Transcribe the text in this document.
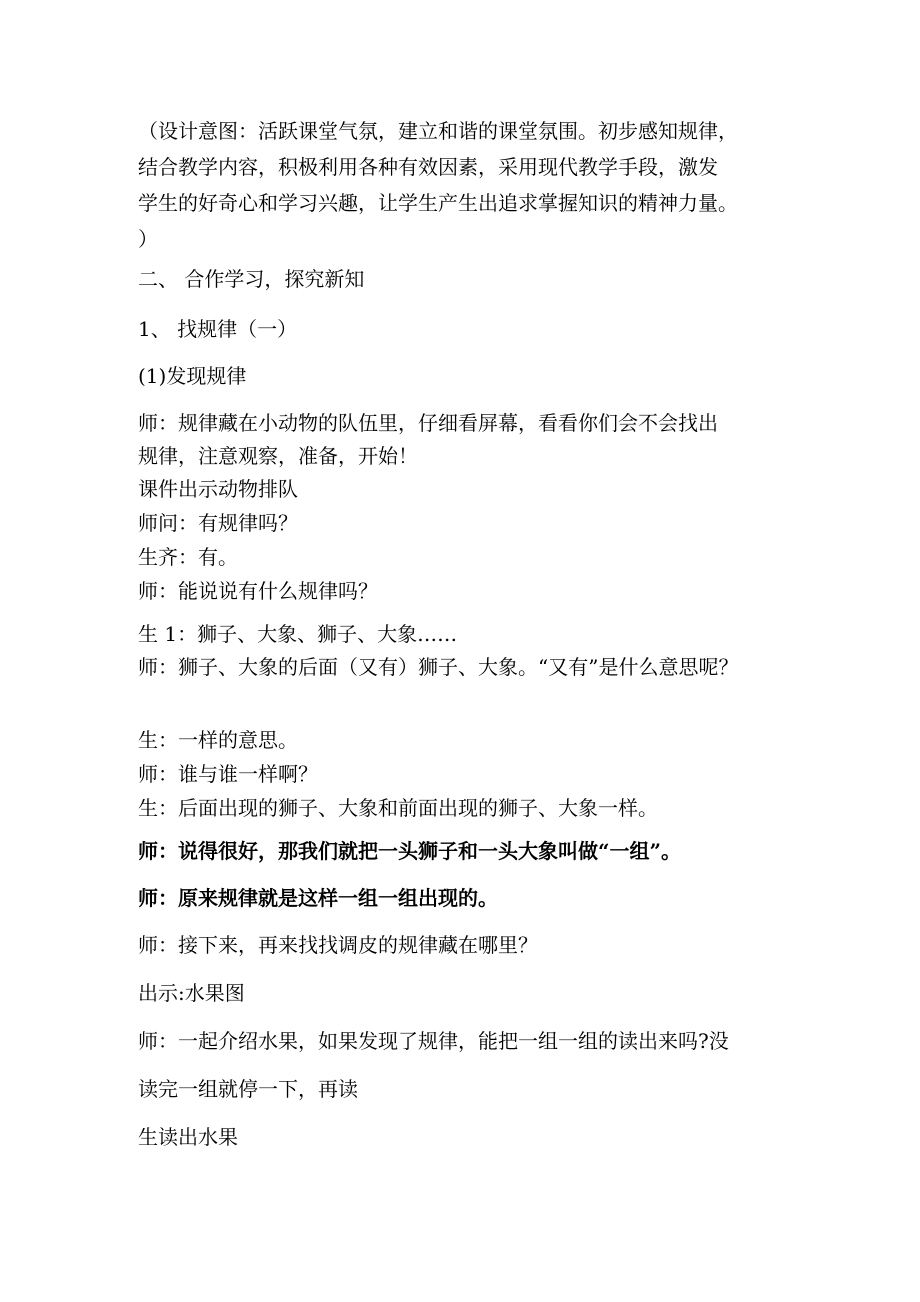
（设计意图：活跃课堂气氛，建立和谐的课堂氛围。初步感知规律，
结合教学内容，积极利用各种有效因素，采用现代教学手段，激发
学生的好奇心和学习兴趣，让学生产生出追求掌握知识的精神力量。
）
二、 合作学习，探究新知
1、 找规律（一）
(1)发现规律
师：规律藏在小动物的队伍里，仔细看屏幕，看看你们会不会找出
规律，注意观察，准备，开始！
课件出示动物排队
师问：有规律吗？
生齐：有。
师：能说说有什么规律吗？
生 1：狮子、大象、狮子、大象……
师：狮子、大象的后面（又有）狮子、大象。“又有”是什么意思呢？
生：一样的意思。
师：谁与谁一样啊？
生：后面出现的狮子、大象和前面出现的狮子、大象一样。
师：说得很好，那我们就把一头狮子和一头大象叫做“一组”。
师：原来规律就是这样一组一组出现的。
师：接下来，再来找找调皮的规律藏在哪里？
出示:水果图
师：一起介绍水果，如果发现了规律，能把一组一组的读出来吗?没
读完一组就停一下，再读
生读出水果
